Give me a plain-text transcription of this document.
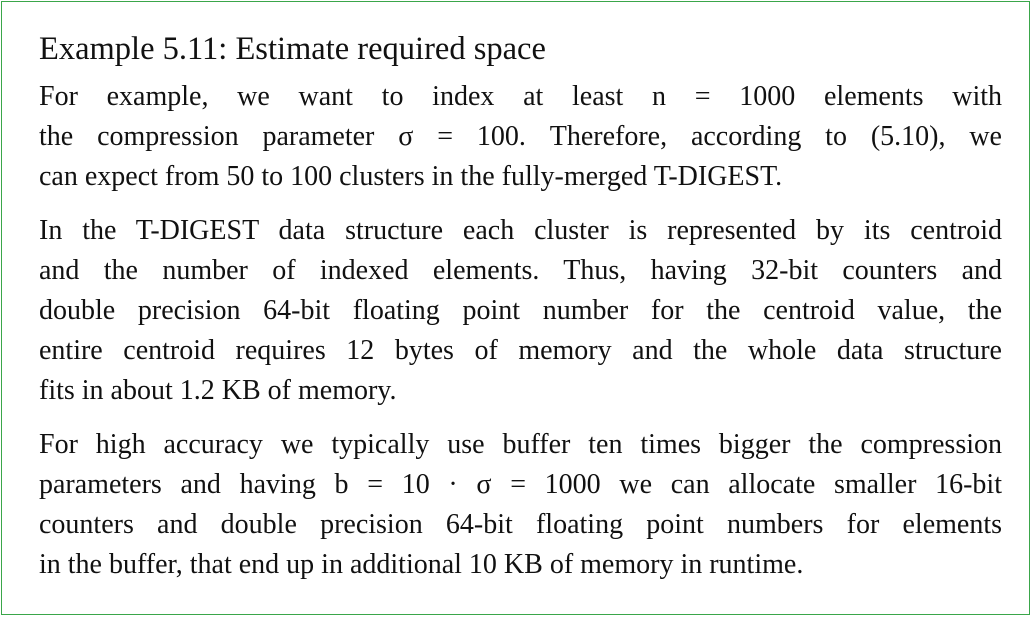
Example 5.11: Estimate required space
For example, we want to index at least n = 1000 elements with
the compression parameter σ = 100. Therefore, according to (5.10), we
can expect from 50 to 100 clusters in the fully-merged T-DIGEST.
In the T-DIGEST data structure each cluster is represented by its centroid
and the number of indexed elements. Thus, having 32-bit counters and
double precision 64-bit floating point number for the centroid value, the
entire centroid requires 12 bytes of memory and the whole data structure
fits in about 1.2 KB of memory.
For high accuracy we typically use buffer ten times bigger the compression
parameters and having b = 10 · σ = 1000 we can allocate smaller 16-bit
counters and double precision 64-bit floating point numbers for elements
in the buffer, that end up in additional 10 KB of memory in runtime.
